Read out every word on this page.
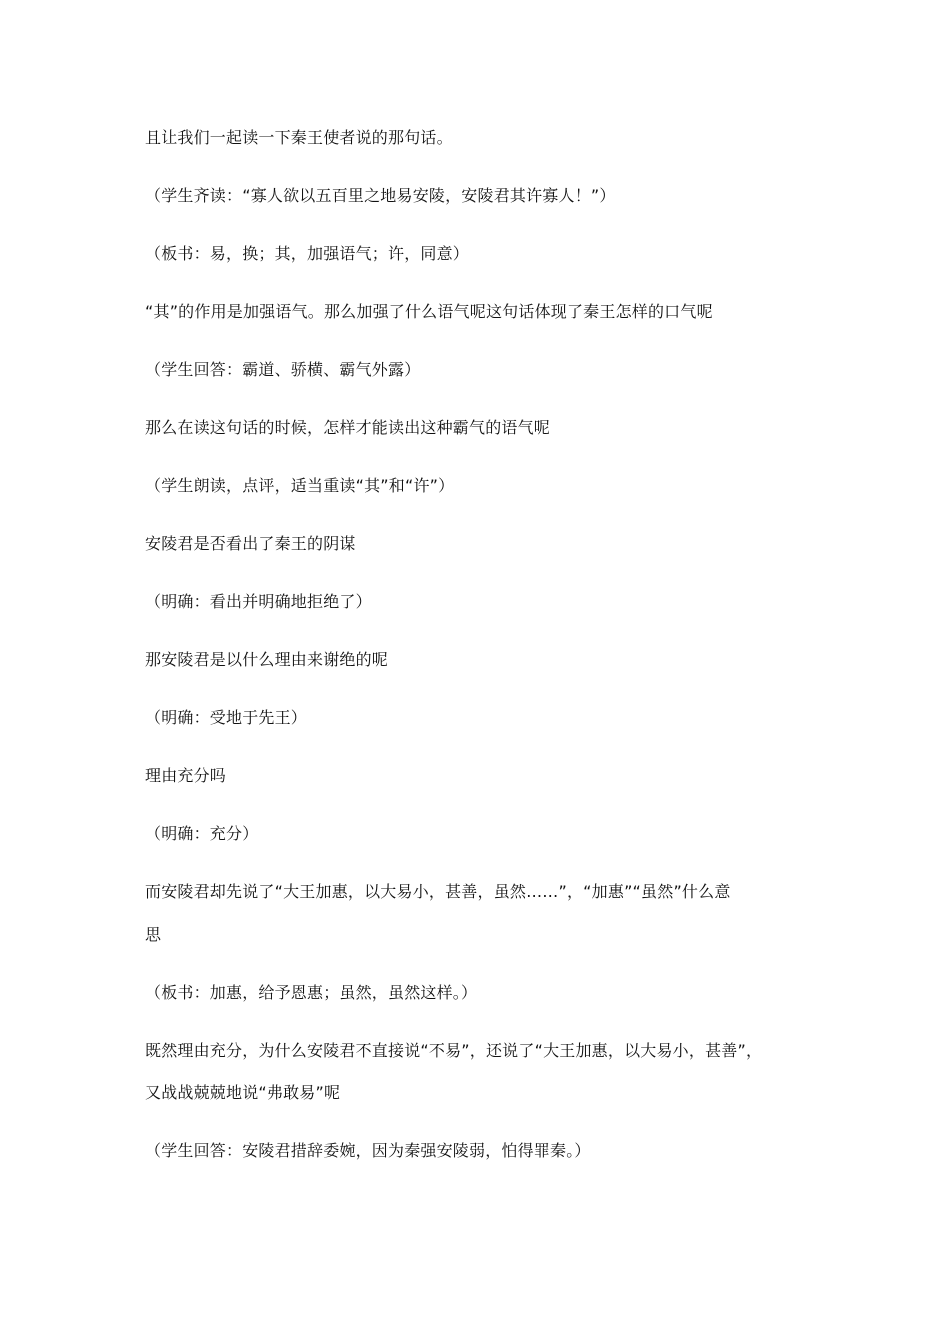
且让我们一起读一下秦王使者说的那句话。
（学生齐读：“寡人欲以五百里之地易安陵，安陵君其许寡人！”）
（板书：易，换；其，加强语气；许，同意）
“其”的作用是加强语气。那么加强了什么语气呢这句话体现了秦王怎样的口气呢
（学生回答：霸道、骄横、霸气外露）
那么在读这句话的时候，怎样才能读出这种霸气的语气呢
（学生朗读，点评，适当重读“其”和“许”）
安陵君是否看出了秦王的阴谋
（明确：看出并明确地拒绝了）
那安陵君是以什么理由来谢绝的呢
（明确：受地于先王）
理由充分吗
（明确：充分）
而安陵君却先说了“大王加惠，以大易小，甚善，虽然……”，“加惠”“虽然”什么意
思
（板书：加惠，给予恩惠；虽然，虽然这样。）
既然理由充分，为什么安陵君不直接说“不易”，还说了“大王加惠，以大易小，甚善”，
又战战兢兢地说“弗敢易”呢
（学生回答：安陵君措辞委婉，因为秦强安陵弱，怕得罪秦。）
